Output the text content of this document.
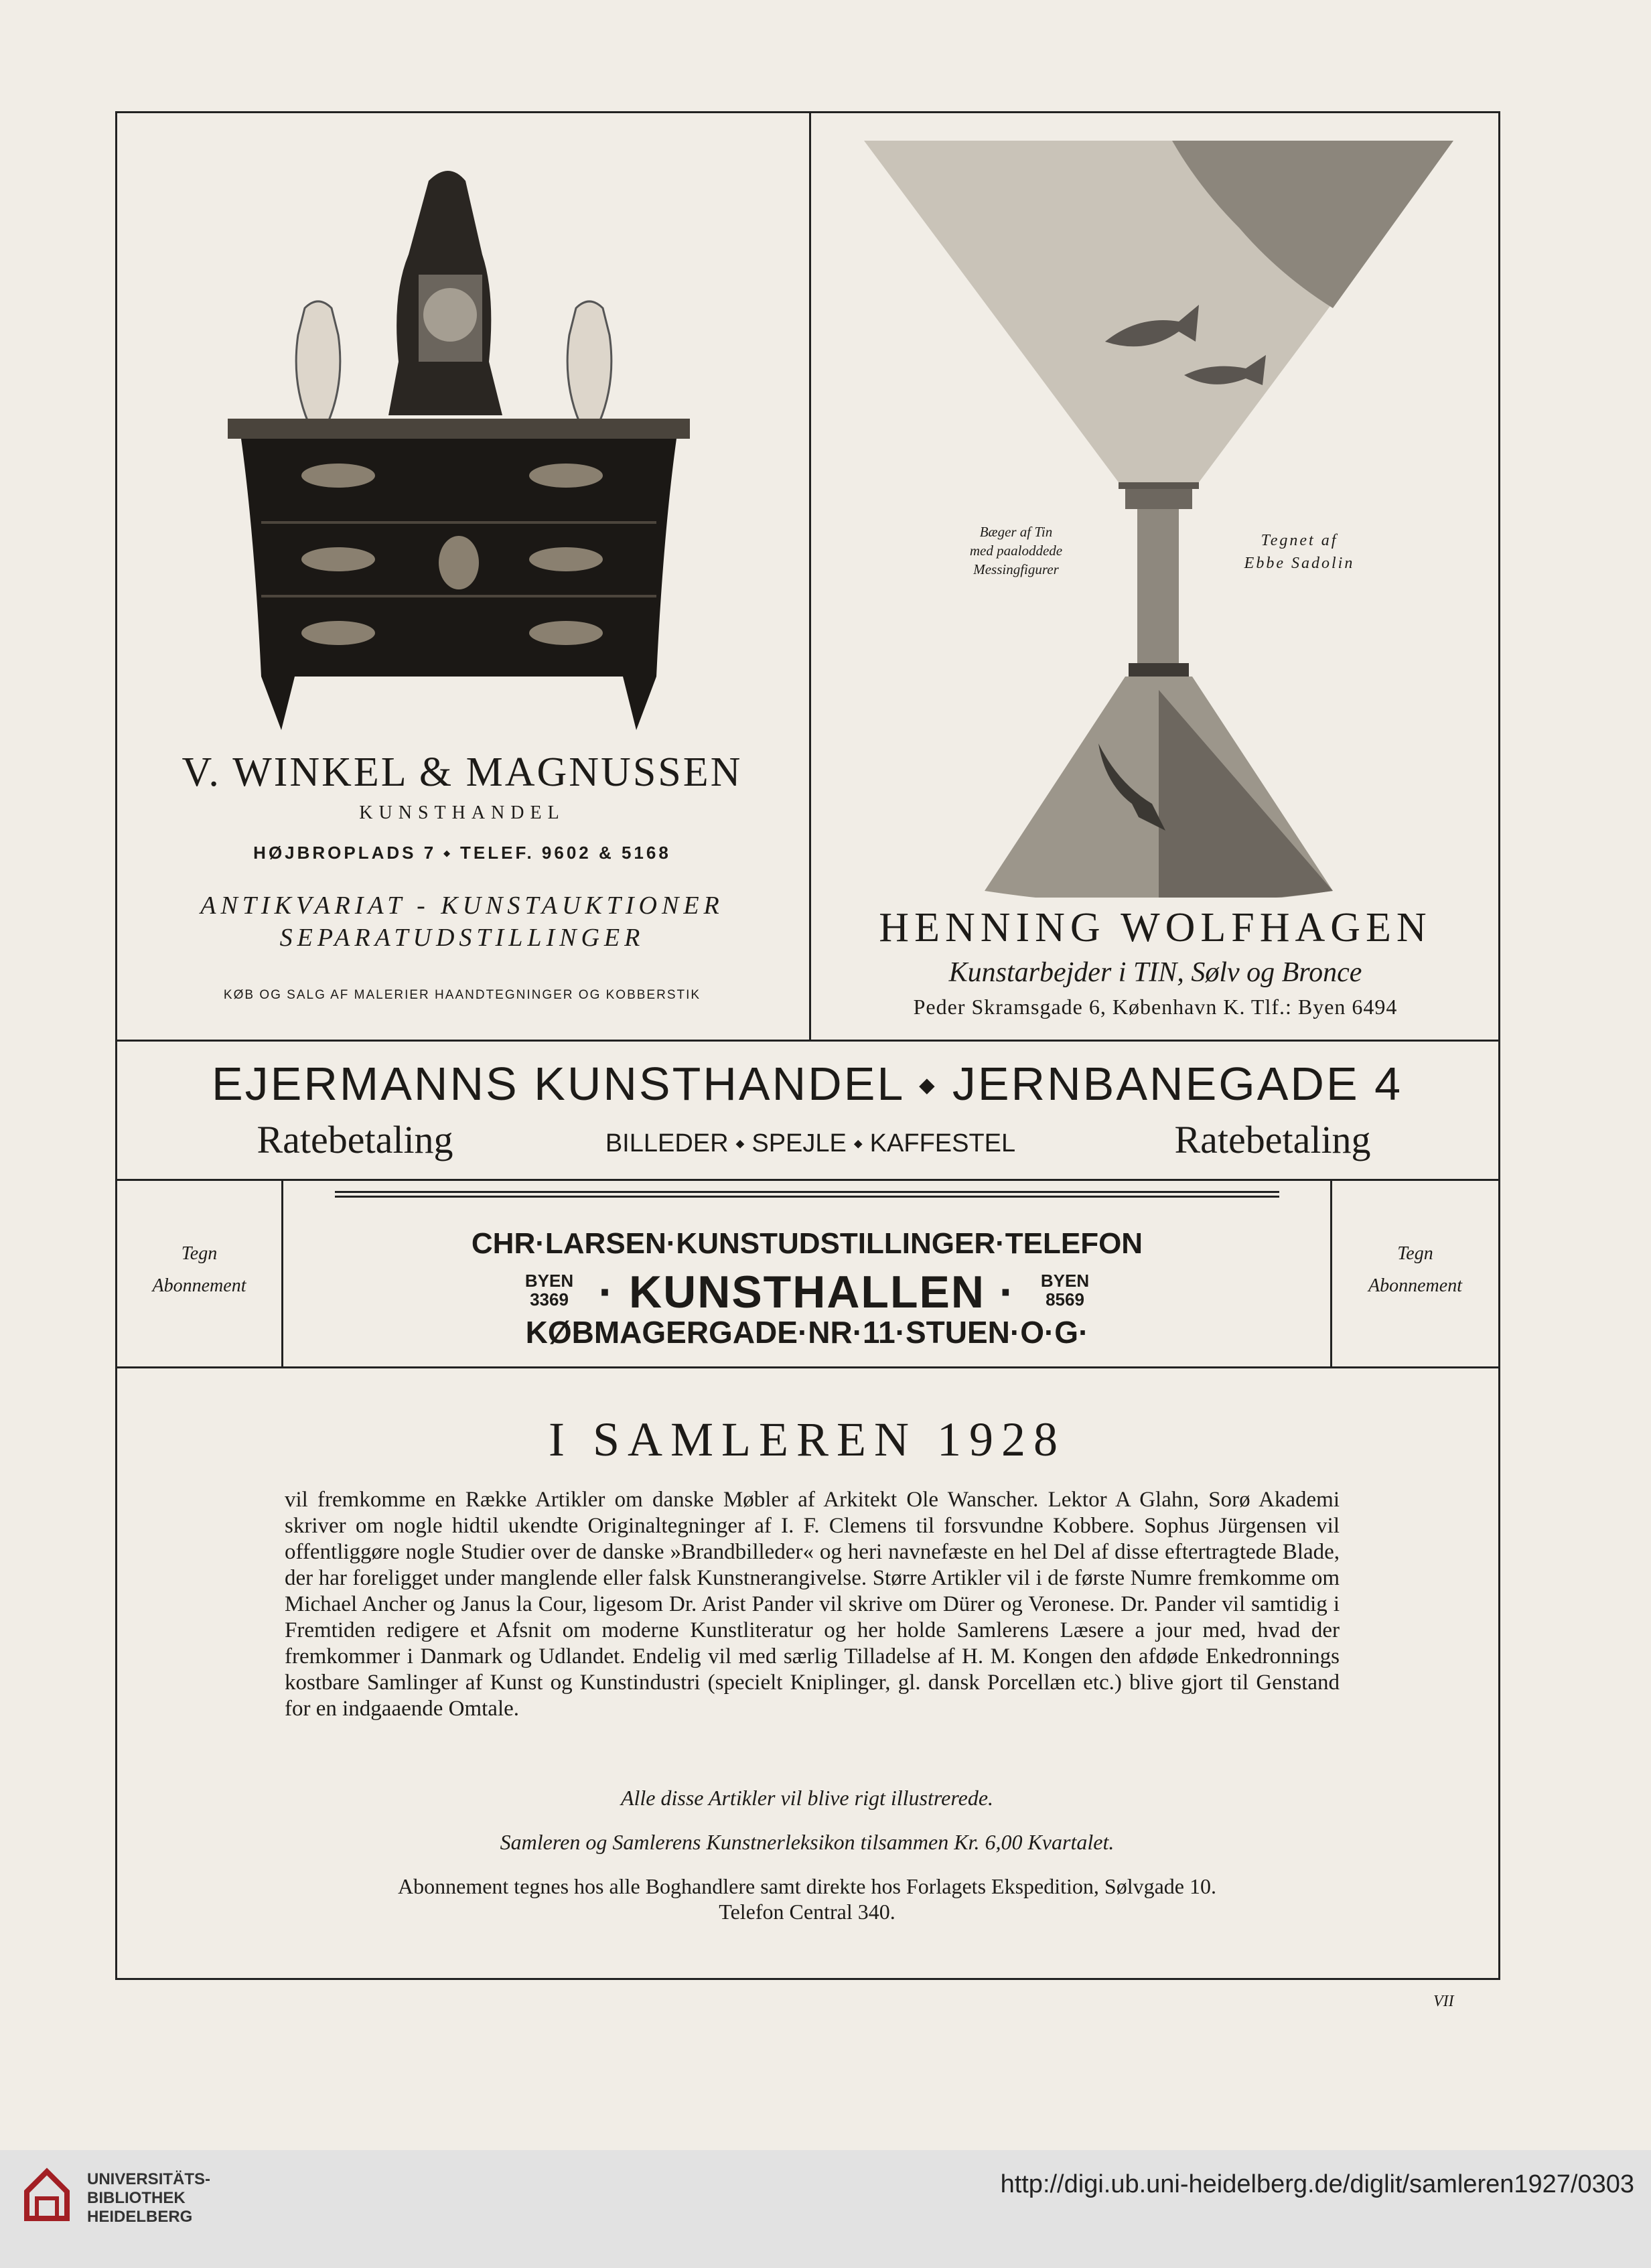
V. WINKEL & MAGNUSSEN
KUNSTHANDEL
HØJBROPLADS 7 ⬩ TELEF. 9602 & 5168
ANTIKVARIAT - KUNSTAUKTIONER
SEPARATUDSTILLINGER
KØB OG SALG AF MALERIER HAANDTEGNINGER OG KOBBERSTIK
Bæger af Tin
med paaloddede
Messingfigurer
Tegnet af
Ebbe Sadolin
HENNING WOLFHAGEN
Kunstarbejder i TIN, Sølv og Bronce
Peder Skramsgade 6, København K. Tlf.: Byen 6494
EJERMANNS KUNSTHANDEL ⬩ JERNBANEGADE 4
Ratebetaling	BILLEDER ⬩ SPEJLE ⬩ KAFFESTEL	Ratebetaling
Tegn
Abonnement
Tegn
Abonnement
CHR·LARSEN·KUNSTUDSTILLINGER·TELEFON
BYEN
3369 · KUNSTHALLEN ·	BYEN
8569
KØBMAGERGADE·NR·11·STUEN·O·G·
I SAMLEREN 1928

vil fremkomme en Række Artikler om danske Møbler af Arkitekt Ole Wanscher. Lektor A Glahn, Sorø Akademi skriver om nogle hidtil ukendte Originaltegninger af I. F. Clemens til forsvundne Kobbere. Sophus Jürgensen vil offentliggøre nogle Studier over de danske »Brandbilleder« og heri navnefæste en hel Del af disse eftertragtede Blade, der har foreligget under manglende eller falsk Kunstnerangivelse. Større Artikler vil i de første Numre fremkomme om Michael Ancher og Janus la Cour, ligesom Dr. Arist Pander vil skrive om Dürer og Veronese. Dr. Pander vil samtidig i Fremtiden redigere et Afsnit om moderne Kunstliteratur og her holde Samlerens Læsere a jour med, hvad der fremkommer i Danmark og Udlandet. Endelig vil med særlig Tilladelse af H. M. Kongen den afdøde Enkedronnings kostbare Samlinger af Kunst og Kunstindustri (specielt Kniplinger, gl. dansk Porcellæn etc.) blive gjort til Genstand for en indgaaende Omtale.

Alle disse Artikler vil blive rigt illustrerede.
Samleren og Samlerens Kunstnerleksikon tilsammen Kr. 6,00 Kvartalet.
Abonnement tegnes hos alle Boghandlere samt direkte hos Forlagets Ekspedition, Sølvgade 10.
Telefon Central 340.
VII
UNIVERSITÄTS-
BIBLIOTHEK
HEIDELBERG
http://digi.ub.uni-heidelberg.de/diglit/samleren1927/0303
